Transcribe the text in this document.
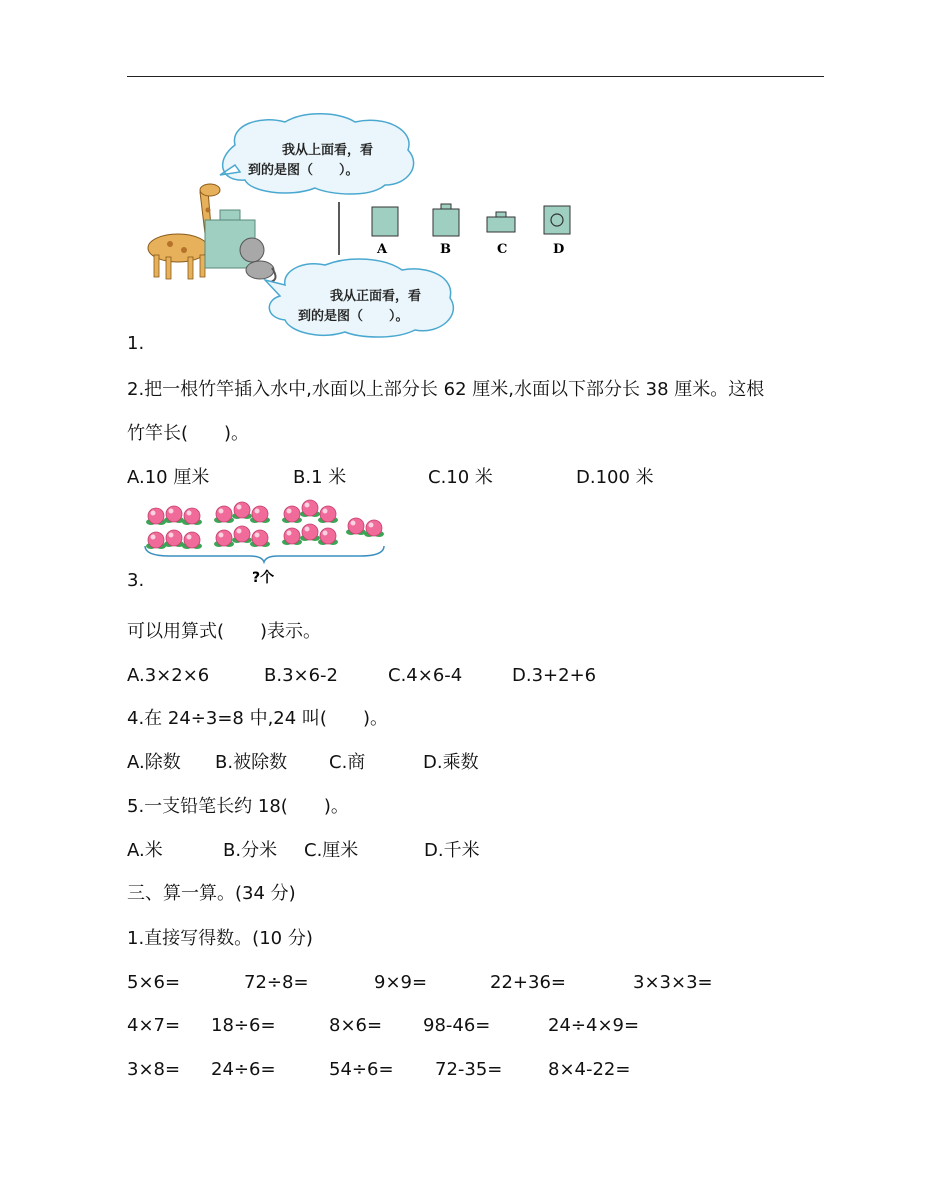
我从上面看，看
到的是图（　　）。
我从正面看，看
到的是图（　　）。
A	B	C	D
1.
2.把一根竹竿插入水中,水面以上部分长 62 厘米,水面以下部分长 38 厘米。这根
竹竿长(　　)。
A.10 厘米	B.1 米	C.10 米	D.100 米
?个
3.
可以用算式(　　)表示。
A.3×2×6	B.3×6-2	C.4×6-4	D.3+2+6
4.在 24÷3=8 中,24 叫(　　)。
A.除数 B.被除数 C.商	D.乘数
5.一支铅笔长约 18(　　)。
A.米	B.分米 C.厘米	D.千米
三、算一算。(34 分)
1.直接写得数。(10 分)
5×6=	72÷8=	9×9=	22+36=	3×3×3=
4×7= 18÷6=	8×6= 98-46=	24÷4×9=
3×8= 24÷6=	54÷6= 72-35=	8×4-22=
